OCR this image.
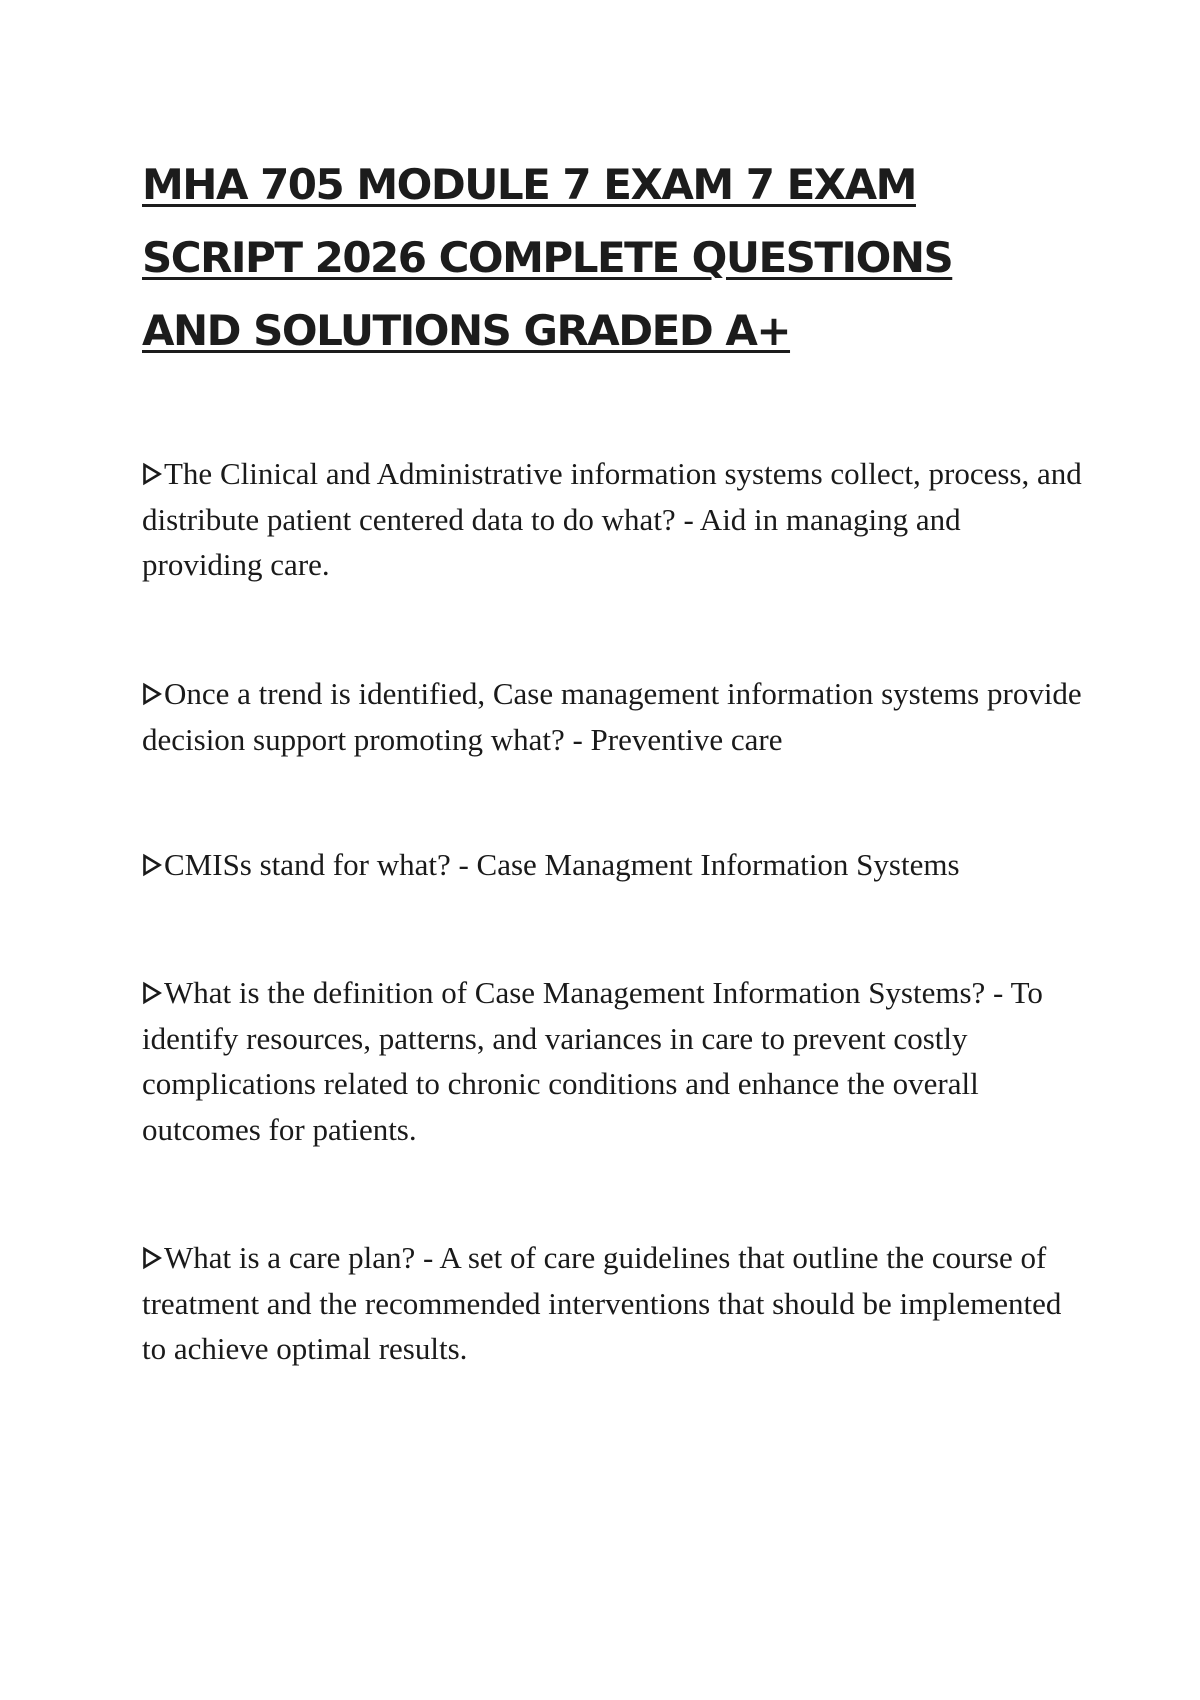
MHA 705 MODULE 7 EXAM 7 EXAM SCRIPT 2026 COMPLETE QUESTIONS AND SOLUTIONS GRADED A+

The Clinical and Administrative information systems collect, process, and distribute patient centered data to do what? - Aid in managing and providing care.

Once a trend is identified, Case management information systems provide decision support promoting what? - Preventive care

CMISs stand for what? - Case Managment Information Systems

What is the definition of Case Management Information Systems? - To identify resources, patterns, and variances in care to prevent costly complications related to chronic conditions and enhance the overall outcomes for patients.

What is a care plan? - A set of care guidelines that outline the course of treatment and the recommended interventions that should be implemented to achieve optimal results.
